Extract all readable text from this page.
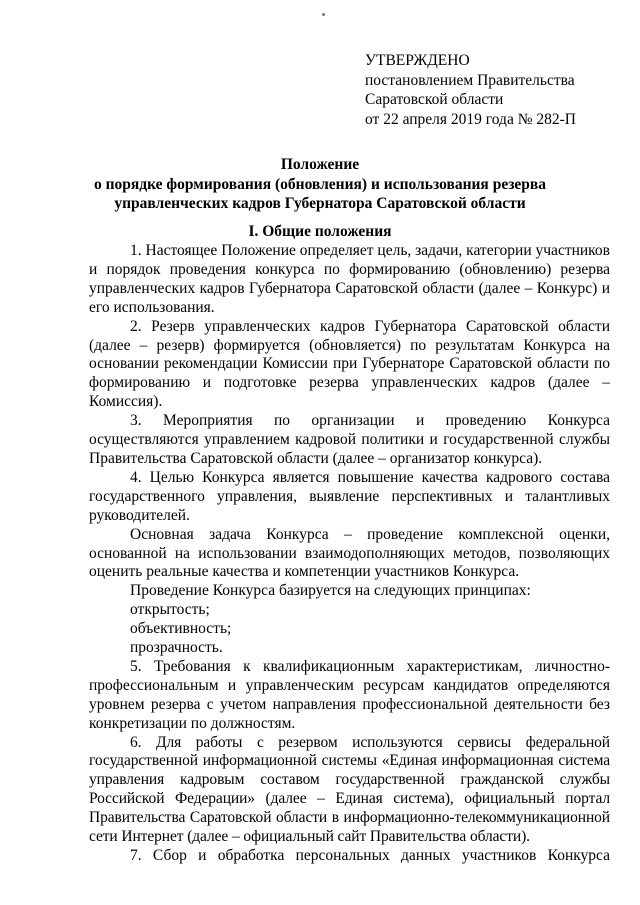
УТВЕРЖДЕНО
постановлением Правительства
Саратовской области
от 22 апреля 2019 года № 282-П
Положение
о порядке формирования (обновления) и использования резерва
управленческих кадров Губернатора Саратовской области
I. Общие положения

1. Настоящее Положение определяет цель, задачи, категории участников и порядок проведения конкурса по формированию (обновлению) резерва управленческих кадров Губернатора Саратовской области (далее – Конкурс) и его использования.

2. Резерв управленческих кадров Губернатора Саратовской области (далее – резерв) формируется (обновляется) по результатам Конкурса на основании рекомендации Комиссии при Губернаторе Саратовской области по формированию и подготовке резерва управленческих кадров (далее – Комиссия).

3. Мероприятия по организации и проведению Конкурса осуществляются управлением кадровой политики и государственной службы Правительства Саратовской области (далее – организатор конкурса).

4. Целью Конкурса является повышение качества кадрового состава государственного управления, выявление перспективных и талантливых руководителей.

Основная задача Конкурса – проведение комплексной оценки, основанной на использовании взаимодополняющих методов, позволяющих оценить реальные качества и компетенции участников Конкурса.

Проведение Конкурса базируется на следующих принципах:

открытость;

объективность;

прозрачность.

5. Требования к квалификационным характеристикам, личностно-профессиональным и управленческим ресурсам кандидатов определяются уровнем резерва с учетом направления профессиональной деятельности без конкретизации по должностям.

6. Для работы с резервом используются сервисы федеральной государственной информационной системы «Единая информационная система управления кадровым составом государственной гражданской службы Российской Федерации» (далее – Единая система), официальный портал Правительства Саратовской области в информационно-телекоммуникационной сети Интернет (далее – официальный сайт Правительства области).

7. Сбор и обработка персональных данных участников Конкурса
